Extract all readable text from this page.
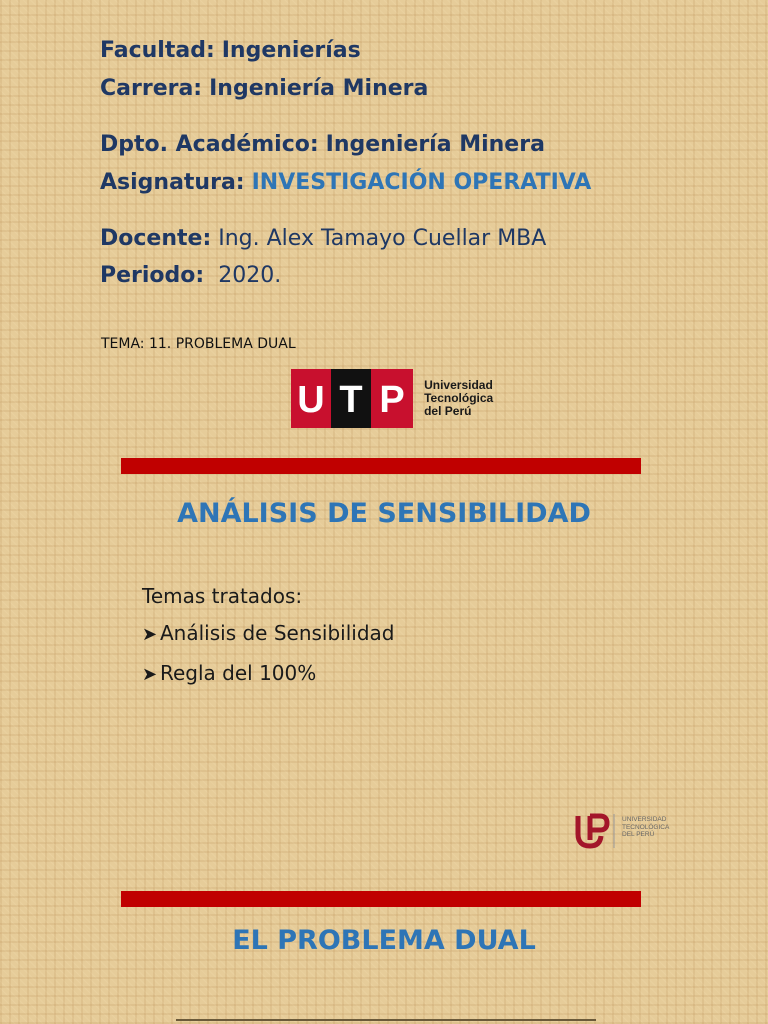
Facultad: Ingenierías
Carrera: Ingeniería Minera
Dpto. Académico: Ingeniería Minera
Asignatura: INVESTIGACIÓN OPERATIVA
Docente: Ing. Alex Tamayo Cuellar MBA
Periodo: 2020.
TEMA: 11. PROBLEMA DUAL
U T P
Universidad
Tecnológica
del Perú
ANÁLISIS DE SENSIBILIDAD
Temas tratados:
➤ Análisis de Sensibilidad
➤ Regla del 100%
UNIVERSIDAD
TECNOLÓGICA
DEL PERÚ
EL PROBLEMA DUAL
